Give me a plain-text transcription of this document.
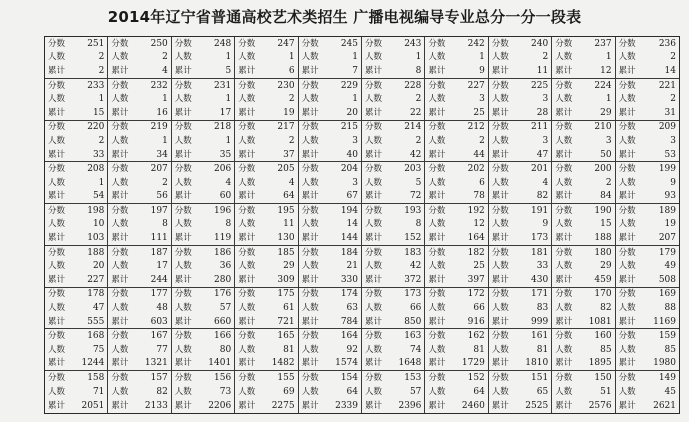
2014年辽宁省普通高校艺术类招生 广播电视编导专业总分一分一段表
分数 251
人数	2
累计	2
分数 250
人数	2
累计	4
分数 248
人数	1
累计	5
分数 247
人数	1
累计	6
分数 245
人数	1
累计	7
分数 243
人数	1
累计	8
分数 242
人数	1
累计	9
分数 240
人数	2
累计	11
分数 237
人数	1
累计	12
分数	236
人数	2
累计	14
分数 233
人数	1
累计	15
分数 232
人数	1
累计	16
分数 231
人数	1
累计	17
分数 230
人数	2
累计	19
分数 229
人数	1
累计	20
分数 228
人数	2
累计	22
分数 227
人数	3
累计	25
分数 225
人数	3
累计	28
分数 224
人数	1
累计	29
分数	221
人数	2
累计	31
分数 220
人数	2
累计	33
分数 219
人数	1
累计	34
分数 218
人数	1
累计	35
分数 217
人数	2
累计	37
分数 215
人数	3
累计	40
分数 214
人数	2
累计	42
分数 212
人数	2
累计	44
分数 211
人数	3
累计	47
分数 210
人数	3
累计	50
分数	209
人数	3
累计	53
分数 208
人数	1
累计	54
分数 207
人数	2
累计	56
分数 206
人数	4
累计	60
分数 205
人数	4
累计	64
分数 204
人数	3
累计	67
分数 203
人数	5
累计	72
分数 202
人数	6
累计	78
分数 201
人数	4
累计	82
分数 200
人数	2
累计	84
分数	199
人数	9
累计	93
分数 198
人数	10
累计 103
分数 197
人数	8
累计 111
分数 196
人数	8
累计 119
分数 195
人数	11
累计 130
分数 194
人数	14
累计 144
分数 193
人数	8
累计 152
分数 192
人数	12
累计 164
分数 191
人数	9
累计 173
分数 190
人数	15
累计 188
分数	189
人数	19
累计	207
分数 188
人数	20
累计 227
分数 187
人数	17
累计 244
分数 186
人数	36
累计 280
分数 185
人数	29
累计 309
分数 184
人数	21
累计 330
分数 183
人数	42
累计 372
分数 182
人数	25
累计 397
分数 181
人数	33
累计 430
分数 180
人数	29
累计 459
分数	179
人数	49
累计	508
分数 178
人数	47
累计 555
分数 177
人数	48
累计 603
分数 176
人数	57
累计 660
分数 175
人数	61
累计 721
分数 174
人数	63
累计 784
分数 173
人数	66
累计 850
分数 172
人数	66
累计 916
分数 171
人数	83
累计 999
分数 170
人数	82
累计 1081
分数	169
人数	88
累计 1169
分数 168
人数	75
累计 1244
分数 167
人数	77
累计 1321
分数 166
人数	80
累计 1401
分数 165
人数	81
累计 1482
分数 164
人数	92
累计 1574
分数 163
人数	74
累计 1648
分数 162
人数	81
累计 1729
分数 161
人数	81
累计 1810
分数 160
人数	85
累计 1895
分数	159
人数	85
累计 1980
分数 158
人数	71
累计 2051
分数 157
人数	82
累计 2133
分数 156
人数	73
累计 2206
分数 155
人数	69
累计 2275
分数 154
人数	64
累计 2339
分数 153
人数	57
累计 2396
分数 152
人数	64
累计 2460
分数 151
人数	65
累计 2525
分数 150
人数	51
累计 2576
分数	149
人数	45
累计 2621
